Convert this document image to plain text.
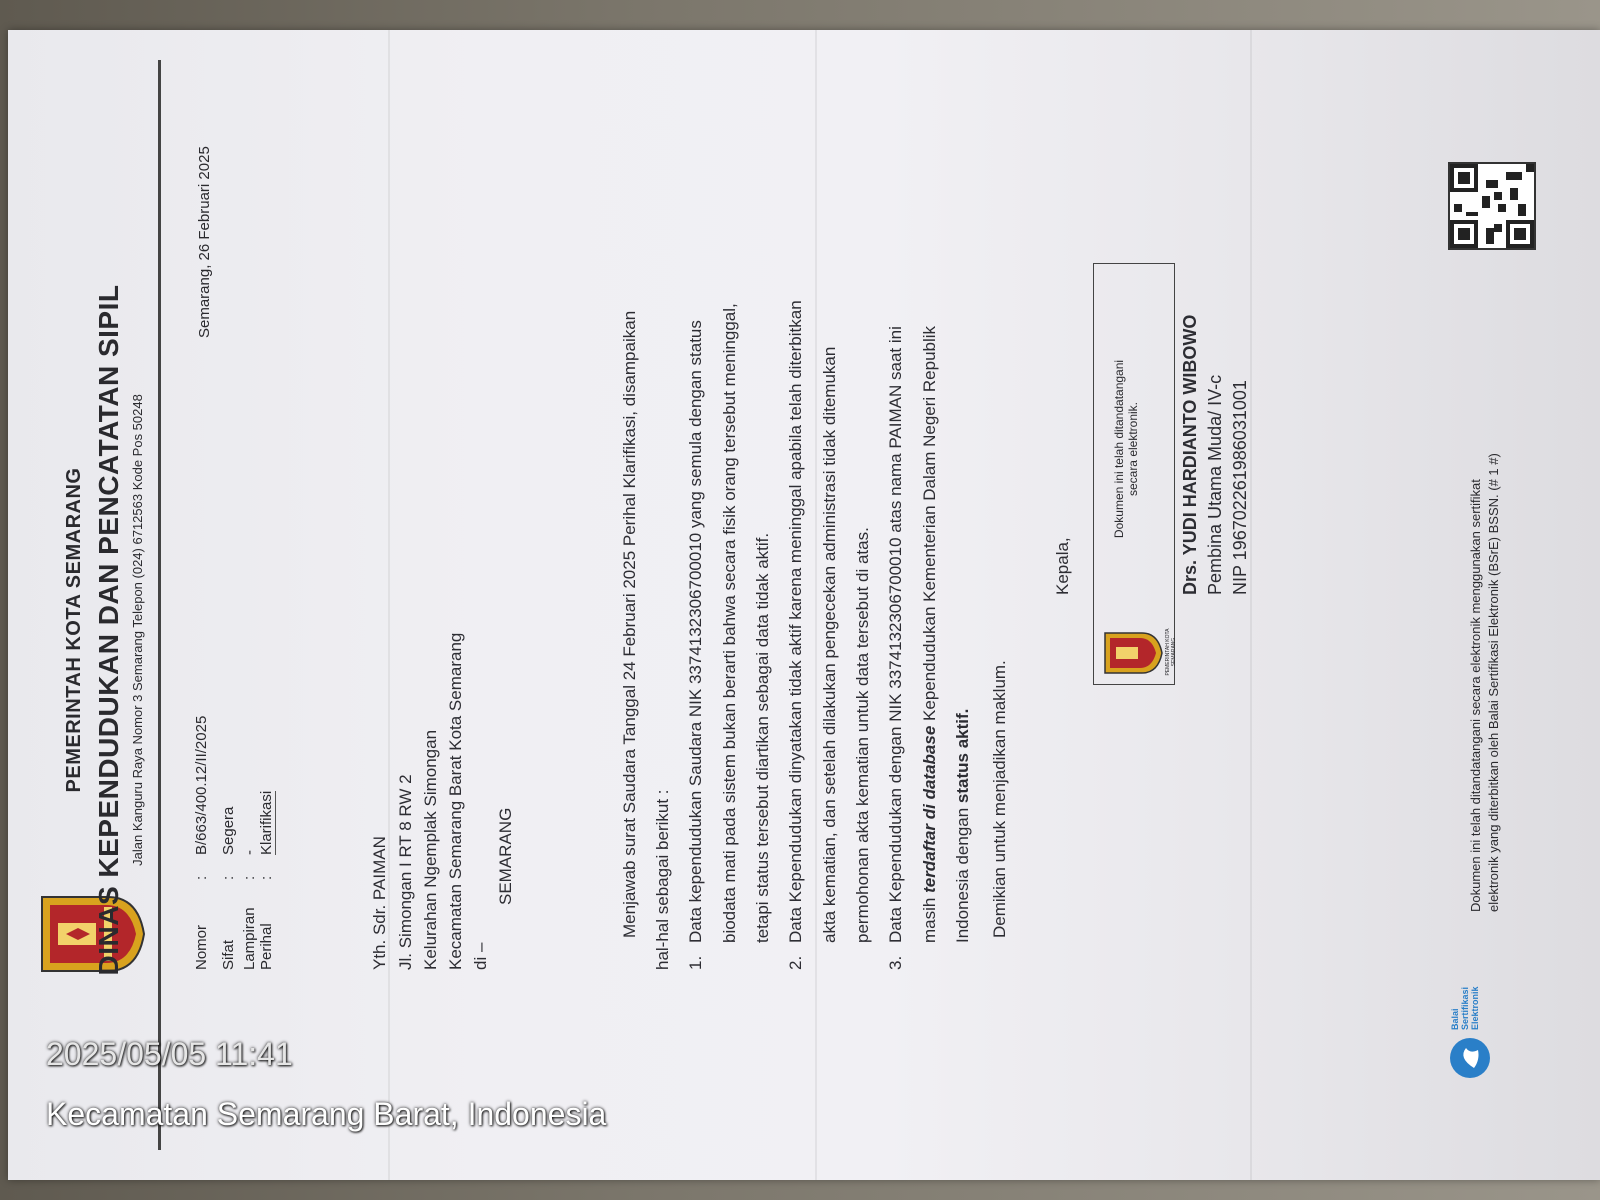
PEMERINTAH KOTA SEMARANG DINAS KEPENDUDUKAN DAN PENCATATAN SIPIL Jalan Kanguru Raya Nomor 3 Semarang Telepon (024) 6712563 Kode Pos 50248
Nomor Sifat Lampiran Perihal
: : : :
B/663/400.12/II/2025 Segera - Klarifikasi
Semarang, 26 Februari 2025
Yth. Sdr. PAIMAN Jl. Simongan I RT 8 RW 2 Kelurahan Ngemplak Simongan Kecamatan Semarang Barat Kota Semarang di –
SEMARANG	Menjawab surat Saudara Tanggal 24 Februari 2025 Perihal Klarifikasi, disampaikan hal-hal sebagai berikut : 1.
Data kependudukan Saudara NIK 3374132306700010 yang semula dengan status biodata mati pada sistem bukan berarti bahwa secara fisik orang tersebut meninggal, tetapi status tersebut diartikan sebagai data tidak aktif.
2.
Data Kependudukan dinyatakan tidak aktif karena meninggal apabila telah diterbitkan akta kematian, dan setelah dilakukan pengecekan administrasi tidak ditemukan permohonan akta kematian untuk data tersebut di atas.
3.
Data Kependudukan dengan NIK 3374132306700010 atas nama PAIMAN saat ini masih terdaftar di database Kependudukan Kementerian Dalam Negeri Republik
Indonesia dengan status aktif. Demikian untuk menjadikan maklum.
Kepala,
PEMERINTAH KOTA SEMARANG
Dokumen ini telah ditandatangani secara elektronik. Drs. YUDI HARDIANTO WIBOWO Pembina Utama Muda/ IV-c NIP 196702261986031001
Balai Sertifikasi Elektronik
Dokumen ini telah ditandatangani secara elektronik menggunakan sertifikat elektronik yang diterbitkan oleh Balai Sertifikasi Elektronik (BSrE) BSSN. (# 1 #)
2025/05/05 11:41
Kecamatan Semarang Barat, Indonesia
